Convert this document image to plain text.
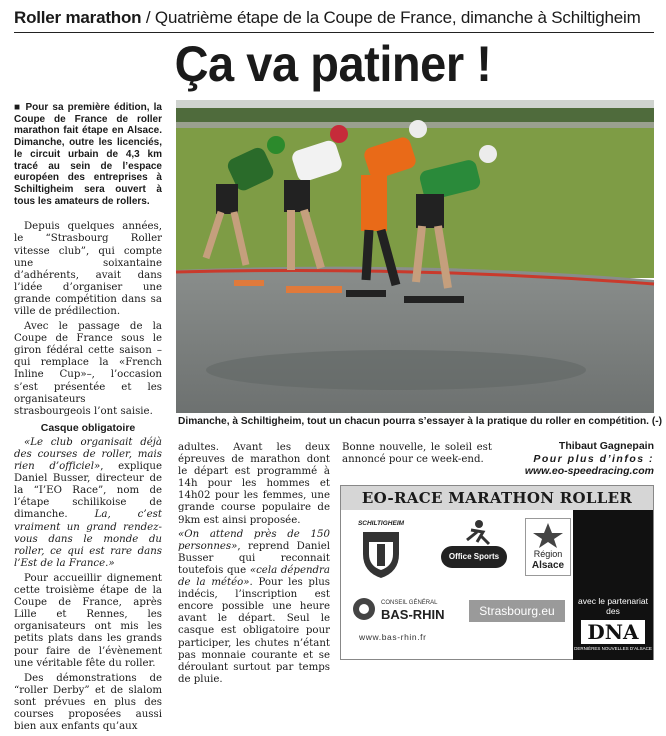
Roller marathon / Quatrième étape de la Coupe de France, dimanche à Schiltigheim
Ça va patiner !

■ Pour sa première édition, la Coupe de France de roller marathon fait étape en Alsace. Dimanche, outre les licenciés, le circuit urbain de 4,3 km tracé au sein de l’espace européen des entreprises à Schiltigheim sera ouvert à tous les amateurs de rollers.

Depuis quelques années, le “Strasbourg Roller vitesse club”, qui compte une soixantaine d’adhérents, avait dans l’idée d’organiser une grande compétition dans sa ville de prédilection.

Avec le passage de la Coupe de France sous le giron fédéral cette saison –qui remplace la «French Inline Cup»–, l’occasion s’est présentée et les organisateurs strasbourgeois l’ont saisie.

Casque obligatoire

«Le club organisait déjà des courses de roller, mais rien d’officiel», explique Daniel Busser, directeur de la “I’EO Race”, nom de l’étape schilikoise de dimanche. La, c’est vraiment un grand rendez-vous dans le monde du roller, ce qui est rare dans l’Est de la France.»

Pour accueillir dignement cette troisième étape de la Coupe de France, après Lille et Rennes, les organisateurs ont mis les petits plats dans les grands pour faire de l’évènement une véritable fête du roller.

Des démonstrations de “roller Derby” et de slalom sont prévues en plus des courses proposées aussi bien aux enfants qu’aux

Dimanche, à Schiltigheim, tout un chacun pourra s’essayer à la pratique du roller en compétition. (-)

adultes. Avant les deux épreuves de marathon dont le départ est programmé à 14h pour les hommes et 14h02 pour les femmes, une grande course populaire de 9km est ainsi proposée.

«On attend près de 150 personnes», reprend Daniel Busser qui reconnait toutefois que «cela dépendra de la météo». Pour les plus indécis, l’inscription est encore possible une heure avant le départ. Seul le casque est obligatoire pour participer, les chutes n’étant pas monnaie courante et se déroulant surtout par temps de pluie.

Bonne nouvelle, le soleil est annoncé pour ce week-end.

Thibaut Gagnepain
Pour plus d’infos :
www.eo-speedracing.com
EO-RACE MARATHON ROLLER
SCHILTIGHEIM
Office Sports	Région
Alsace
CONSEIL GÉNÉRAL
BAS-RHIN
www.bas-rhin.fr
Strasbourg.eu
avec le partenariat des
DNA
DERNIÈRES NOUVELLES D’ALSACE
